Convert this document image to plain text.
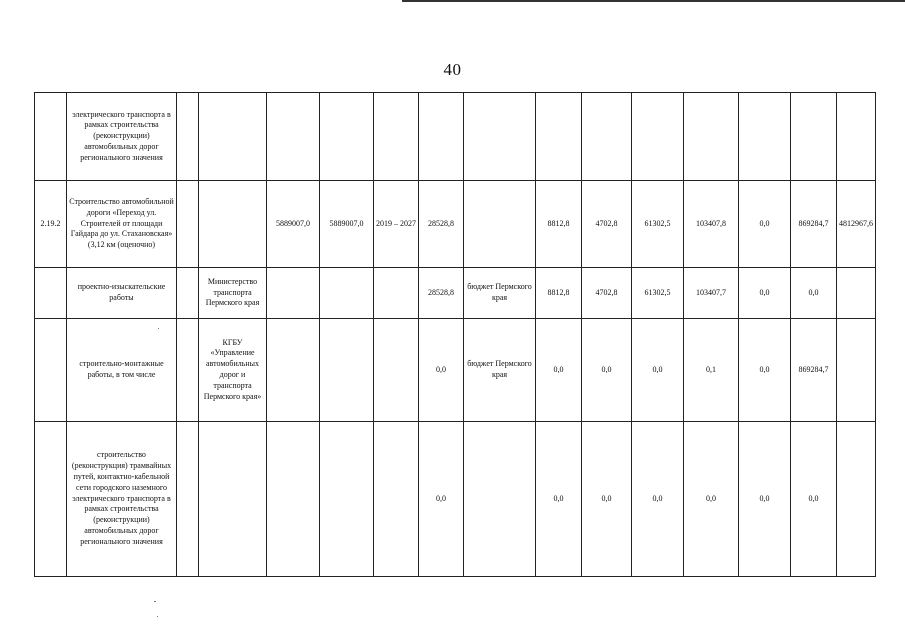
40
	электрического транспорта в рамках строительства (реконструкции) автомобильных дорог регионального значения														
2.19.2	Строительство автомобильной дороги «Переход ул. Строителей от площади Гайдара до ул. Стахановская» (3,12 км (оценочно)			5889007,0	5889007,0	2019 – 2027	28528,8		8812,8	4702,8	61302,5	103407,8	0,0	869284,7	4812967,6
	проектно-изыскательские работы		Министерство транспорта Пермского края				28528,8	бюджет Пермского края	8812,8	4702,8	61302,5	103407,7	0,0	0,0	
	строительно-монтажные работы, в том числе		КГБУ «Управление автомобильных дорог и транспорта Пермского края»				0,0	бюджет Пермского края	0,0	0,0	0,0	0,1	0,0	869284,7	
	строительство (реконструкция) трамвайных путей, контактно-кабельной сети городского наземного электрического транспорта в рамках строительства (реконструкции) автомобильных дорог регионального значения						0,0		0,0	0,0	0,0	0,0	0,0	0,0	
